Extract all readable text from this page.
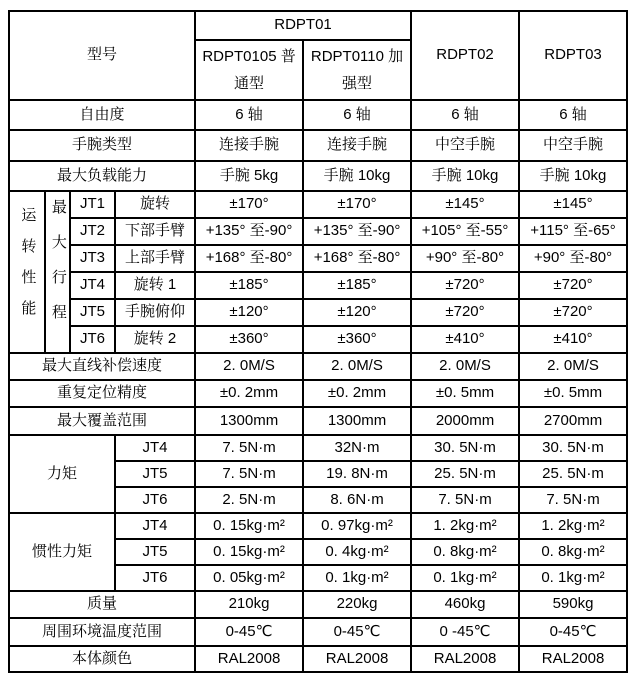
型号				RDPT01		RDPT02	RDPT03
				RDPT0105 普通型	RDPT0110 加强型		
自由度				6 轴	6 轴	6 轴	6 轴
手腕类型				连接手腕	连接手腕	中空手腕	中空手腕
最大负载能力				手腕 5kg	手腕 10kg	手腕 10kg	手腕 10kg
运转性能	最大行程	JT1	旋转	±170°	±170°	±145°	±145°
		JT2	下部手臂	+135° 至-90°	+135° 至-90°	+105° 至-55°	+115° 至-65°
		JT3	上部手臂	+168° 至-80°	+168° 至-80°	+90° 至-80°	+90° 至-80°
		JT4	旋转 1	±185°	±185°	±720°	±720°
		JT5	手腕俯仰	±120°	±120°	±720°	±720°
		JT6	旋转 2	±360°	±360°	±410°	±410°
最大直线补偿速度				2. 0M/S	2. 0M/S	2. 0M/S	2. 0M/S
重复定位精度				±0. 2mm	±0. 2mm	±0. 5mm	±0. 5mm
最大覆盖范围				1300mm	1300mm	2000mm	2700mm
力矩			JT4	7. 5N·m	32N·m	30. 5N·m	30. 5N·m
			JT5	7. 5N·m	19. 8N·m	25. 5N·m	25. 5N·m
			JT6	2. 5N·m	8. 6N·m	7. 5N·m	7. 5N·m
惯性力矩			JT4	0. 15kg·m²	0. 97kg·m²	1. 2kg·m²	1. 2kg·m²
			JT5	0. 15kg·m²	0. 4kg·m²	0. 8kg·m²	0. 8kg·m²
			JT6	0. 05kg·m²	0. 1kg·m²	0. 1kg·m²	0. 1kg·m²
质量				210kg	220kg	460kg	590kg
周围环境温度范围				0-45℃	0-45℃	0 -45℃	0-45℃
本体颜色				RAL2008	RAL2008	RAL2008	RAL2008
